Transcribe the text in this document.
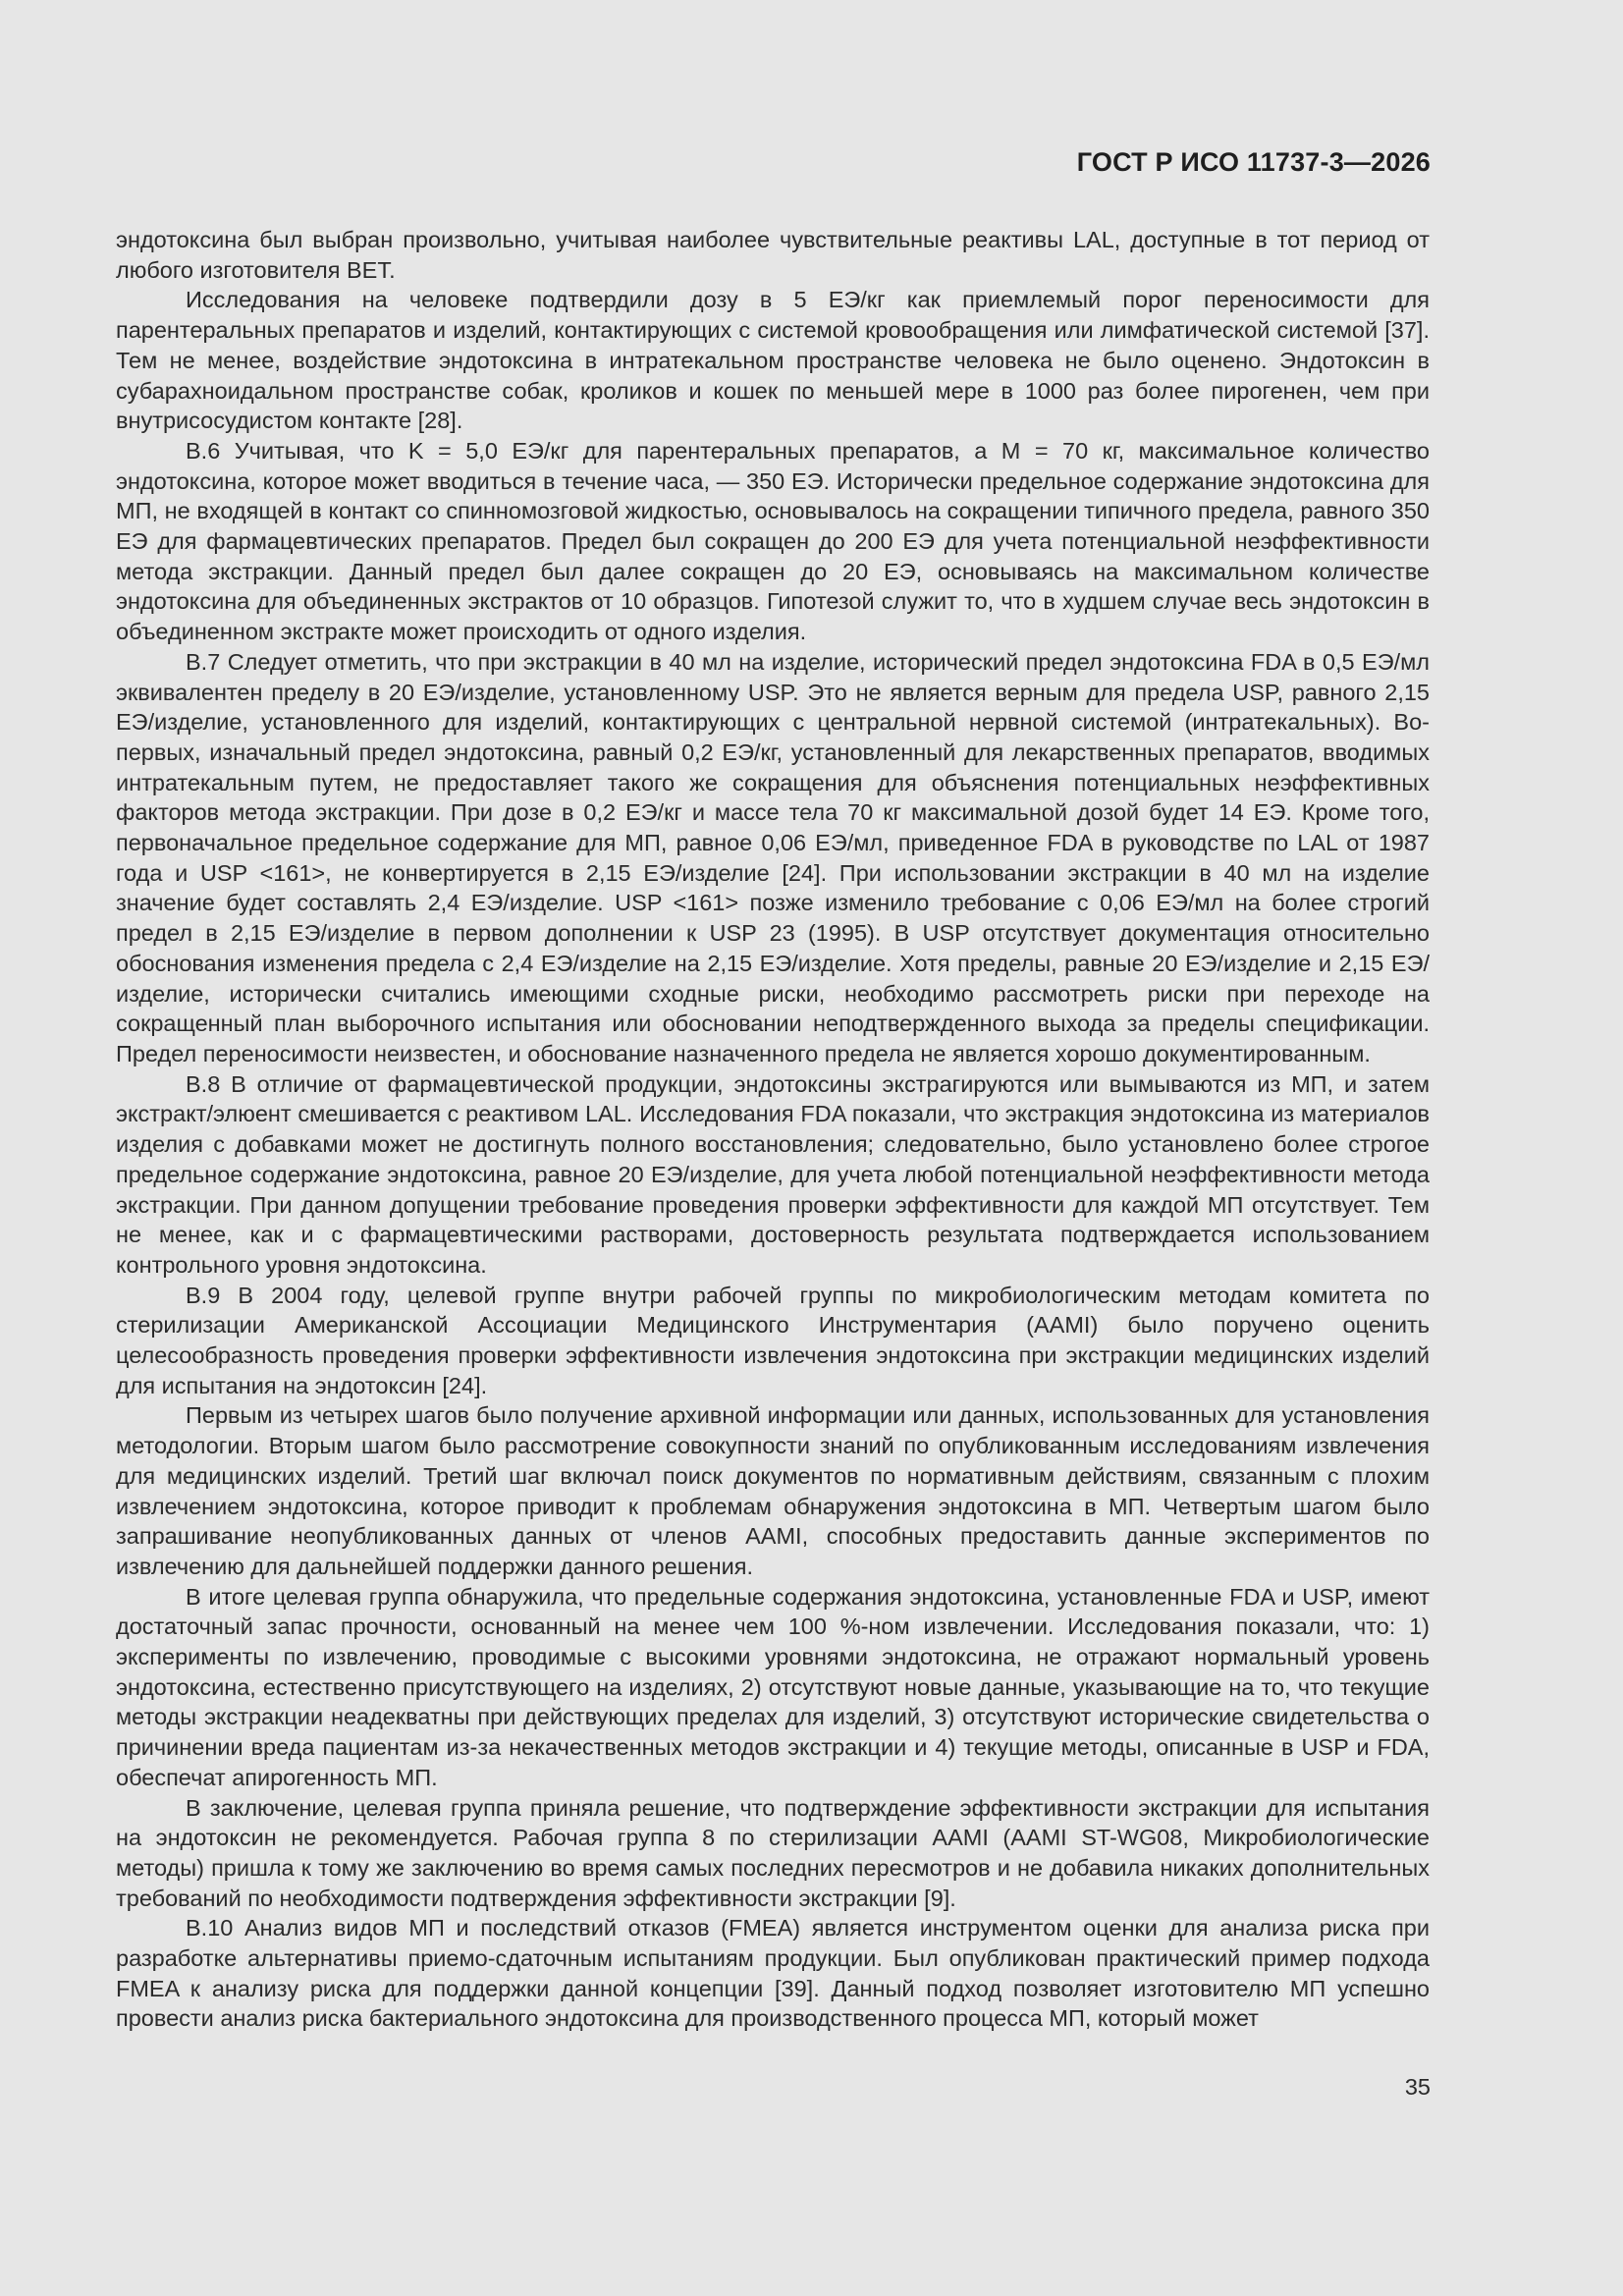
ГОСТ Р ИСО 11737-3—2026

эндотоксина был выбран произвольно, учитывая наиболее чувствительные реактивы LAL, доступные в тот период от любого изготовителя BET.

Исследования на человеке подтвердили дозу в 5 ЕЭ/кг как приемлемый порог переносимости для парентеральных препаратов и изделий, контактирующих с системой кровообращения или лимфатической системой [37]. Тем не менее, воздействие эндотоксина в интратекальном пространстве человека не было оценено. Эндотоксин в субарахноидальном пространстве собак, кроликов и кошек по меньшей мере в 1000 раз более пирогенен, чем при внутрисосудистом контакте [28].

В.6 Учитывая, что K = 5,0 ЕЭ/кг для парентеральных препаратов, а M = 70 кг, максимальное количество эндотоксина, которое может вводиться в течение часа, — 350 ЕЭ. Исторически предельное содержание эндотоксина для МП, не входящей в контакт со спинномозговой жидкостью, основывалось на сокращении типичного предела, равного 350 ЕЭ для фармацевтических препаратов. Предел был сокращен до 200 ЕЭ для учета потенциальной неэффективности метода экстракции. Данный предел был далее сокращен до 20 ЕЭ, основываясь на максимальном количестве эндотоксина для объединенных экстрактов от 10 образцов. Гипотезой служит то, что в худшем случае весь эндотоксин в объединенном экстракте может происходить от одного изделия.

В.7 Следует отметить, что при экстракции в 40 мл на изделие, исторический предел эндотоксина FDA в 0,5 ЕЭ/мл эквивалентен пределу в 20 ЕЭ/изделие, установленному USP. Это не является верным для предела USP, равного 2,15 ЕЭ/изделие, установленного для изделий, контактирующих с центральной нервной системой (интратекальных). Во-первых, изначальный предел эндотоксина, равный 0,2 ЕЭ/кг, установленный для лекарственных препаратов, вводимых интратекальным путем, не предоставляет такого же сокращения для объяснения потенциальных неэффективных факторов метода экстракции. При дозе в 0,2 ЕЭ/кг и массе тела 70 кг максимальной дозой будет 14 ЕЭ. Кроме того, первоначальное предельное содержание для МП, равное 0,06 ЕЭ/мл, приведенное FDA в руководстве по LAL от 1987 года и USP <161>, не конвертируется в 2,15 ЕЭ/изделие [24]. При использовании экстракции в 40 мл на изделие значение будет составлять 2,4 ЕЭ/изделие. USP <161> позже изменило требование с 0,06 ЕЭ/мл на более строгий предел в 2,15 ЕЭ/изделие в первом дополнении к USP 23 (1995). В USP отсутствует документация относительно обоснования изменения предела с 2,4 ЕЭ/изделие на 2,15 ЕЭ/изделие. Хотя пределы, равные 20 ЕЭ/изделие и 2,15 ЕЭ/изделие, исторически считались имеющими сходные риски, необходимо рассмотреть риски при переходе на сокращенный план выборочного испытания или обосновании неподтвержденного выхода за пределы спецификации. Предел переносимости неизвестен, и обоснование назначенного предела не является хорошо документированным.

В.8 В отличие от фармацевтической продукции, эндотоксины экстрагируются или вымываются из МП, и затем экстракт/элюент смешивается с реактивом LAL. Исследования FDA показали, что экстракция эндотоксина из материалов изделия с добавками может не достигнуть полного восстановления; следовательно, было установлено более строгое предельное содержание эндотоксина, равное 20 ЕЭ/изделие, для учета любой потенциальной неэффективности метода экстракции. При данном допущении требование проведения проверки эффективности для каждой МП отсутствует. Тем не менее, как и с фармацевтическими растворами, достоверность результата подтверждается использованием контрольного уровня эндотоксина.

В.9 В 2004 году, целевой группе внутри рабочей группы по микробиологическим методам комитета по стерилизации Американской Ассоциации Медицинского Инструментария (AAMI) было поручено оценить целесообразность проведения проверки эффективности извлечения эндотоксина при экстракции медицинских изделий для испытания на эндотоксин [24].

Первым из четырех шагов было получение архивной информации или данных, использованных для установления методологии. Вторым шагом было рассмотрение совокупности знаний по опубликованным исследованиям извлечения для медицинских изделий. Третий шаг включал поиск документов по нормативным действиям, связанным с плохим извлечением эндотоксина, которое приводит к проблемам обнаружения эндотоксина в МП. Четвертым шагом было запрашивание неопубликованных данных от членов AAMI, способных предоставить данные экспериментов по извлечению для дальнейшей поддержки данного решения.

В итоге целевая группа обнаружила, что предельные содержания эндотоксина, установленные FDA и USP, имеют достаточный запас прочности, основанный на менее чем 100 %-ном извлечении. Исследования показали, что: 1) эксперименты по извлечению, проводимые с высокими уровнями эндотоксина, не отражают нормальный уровень эндотоксина, естественно присутствующего на изделиях, 2) отсутствуют новые данные, указывающие на то, что текущие методы экстракции неадекватны при действующих пределах для изделий, 3) отсутствуют исторические свидетельства о причинении вреда пациентам из-за некачественных методов экстракции и 4) текущие методы, описанные в USP и FDA, обеспечат апирогенность МП.

В заключение, целевая группа приняла решение, что подтверждение эффективности экстракции для испытания на эндотоксин не рекомендуется. Рабочая группа 8 по стерилизации AAMI (AAMI ST-WG08, Микробиологические методы) пришла к тому же заключению во время самых последних пересмотров и не добавила никаких дополнительных требований по необходимости подтверждения эффективности экстракции [9].

В.10 Анализ видов МП и последствий отказов (FMEA) является инструментом оценки для анализа риска при разработке альтернативы приемо-сдаточным испытаниям продукции. Был опубликован практический пример подхода FMEA к анализу риска для поддержки данной концепции [39]. Данный подход позволяет изготовителю МП успешно провести анализ риска бактериального эндотоксина для производственного процесса МП, который может

35
